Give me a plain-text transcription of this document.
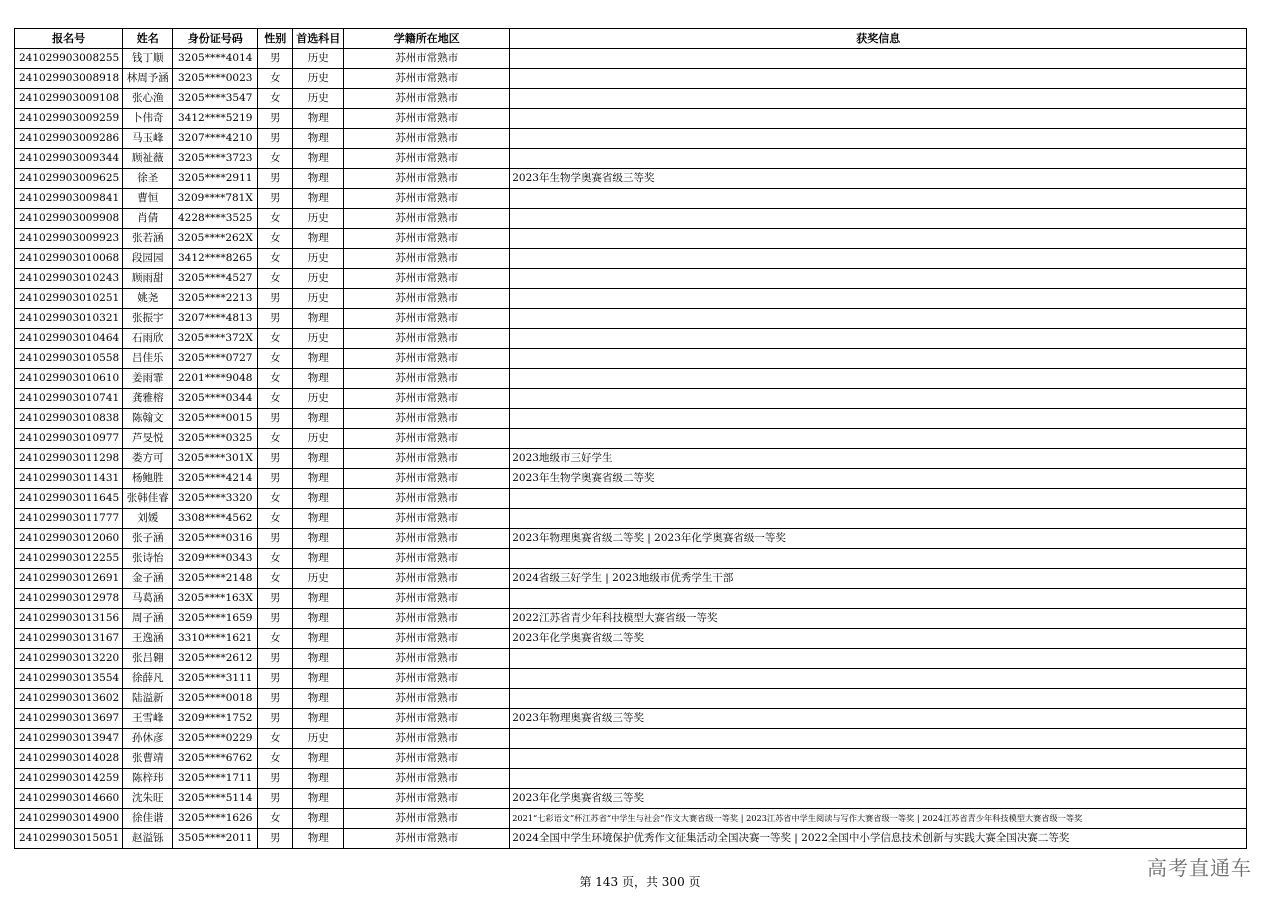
报名号	姓名	身份证号码	性别	首选科目	学籍所在地区	获奖信息
241029903008255	钱丁顺	3205****4014	男	历史	苏州市常熟市	
241029903008918	林周予涵	3205****0023	女	历史	苏州市常熟市	
241029903009108	张心渔	3205****3547	女	历史	苏州市常熟市	
241029903009259	卜伟奇	3412****5219	男	物理	苏州市常熟市	
241029903009286	马玉峰	3207****4210	男	物理	苏州市常熟市	
241029903009344	顾祉薇	3205****3723	女	物理	苏州市常熟市	
241029903009625	徐圣	3205****2911	男	物理	苏州市常熟市	2023年生物学奥赛省级三等奖
241029903009841	曹恒	3209****781X	男	物理	苏州市常熟市	
241029903009908	肖倩	4228****3525	女	历史	苏州市常熟市	
241029903009923	张若涵	3205****262X	女	物理	苏州市常熟市	
241029903010068	段园园	3412****8265	女	历史	苏州市常熟市	
241029903010243	顾雨甜	3205****4527	女	历史	苏州市常熟市	
241029903010251	姚尧	3205****2213	男	历史	苏州市常熟市	
241029903010321	张振宇	3207****4813	男	物理	苏州市常熟市	
241029903010464	石雨欣	3205****372X	女	历史	苏州市常熟市	
241029903010558	吕佳乐	3205****0727	女	物理	苏州市常熟市	
241029903010610	姜雨霏	2201****9048	女	物理	苏州市常熟市	
241029903010741	龚雅榕	3205****0344	女	历史	苏州市常熟市	
241029903010838	陈翰文	3205****0015	男	物理	苏州市常熟市	
241029903010977	芦旻悦	3205****0325	女	历史	苏州市常熟市	
241029903011298	娄方可	3205****301X	男	物理	苏州市常熟市	2023地级市三好学生
241029903011431	杨鲍胜	3205****4214	男	物理	苏州市常熟市	2023年生物学奥赛省级二等奖
241029903011645	张韩佳睿	3205****3320	女	物理	苏州市常熟市	
241029903011777	刘媛	3308****4562	女	物理	苏州市常熟市	
241029903012060	张子涵	3205****0316	男	物理	苏州市常熟市	2023年物理奥赛省级二等奖 | 2023年化学奥赛省级一等奖
241029903012255	张诗怡	3209****0343	女	物理	苏州市常熟市	
241029903012691	金子涵	3205****2148	女	历史	苏州市常熟市	2024省级三好学生 | 2023地级市优秀学生干部
241029903012978	马葛涵	3205****163X	男	物理	苏州市常熟市	
241029903013156	周子涵	3205****1659	男	物理	苏州市常熟市	2022江苏省青少年科技模型大赛省级一等奖
241029903013167	王逸涵	3310****1621	女	物理	苏州市常熟市	2023年化学奥赛省级二等奖
241029903013220	张吕翱	3205****2612	男	物理	苏州市常熟市	
241029903013554	徐薛凡	3205****3111	男	物理	苏州市常熟市	
241029903013602	陆溢新	3205****0018	男	物理	苏州市常熟市	
241029903013697	王雪峰	3209****1752	男	物理	苏州市常熟市	2023年物理奥赛省级三等奖
241029903013947	孙休彦	3205****0229	女	历史	苏州市常熟市	
241029903014028	张曹靖	3205****6762	女	物理	苏州市常熟市	
241029903014259	陈梓玮	3205****1711	男	物理	苏州市常熟市	
241029903014660	沈朱旺	3205****5114	男	物理	苏州市常熟市	2023年化学奥赛省级三等奖
241029903014900	徐佳谐	3205****1626	女	物理	苏州市常熟市	2021“七彩语文”杯江苏省“中学生与社会”作文大赛省级一等奖 | 2023江苏省中学生阅读与写作大赛省级一等奖 | 2024江苏省青少年科技模型大赛省级一等奖
241029903015051	赵溢铄	3505****2011	男	物理	苏州市常熟市	2024全国中学生环境保护优秀作文征集活动全国决赛一等奖 | 2022全国中小学信息技术创新与实践大赛全国决赛二等奖
第 143 页，共 300 页
高考直通车
